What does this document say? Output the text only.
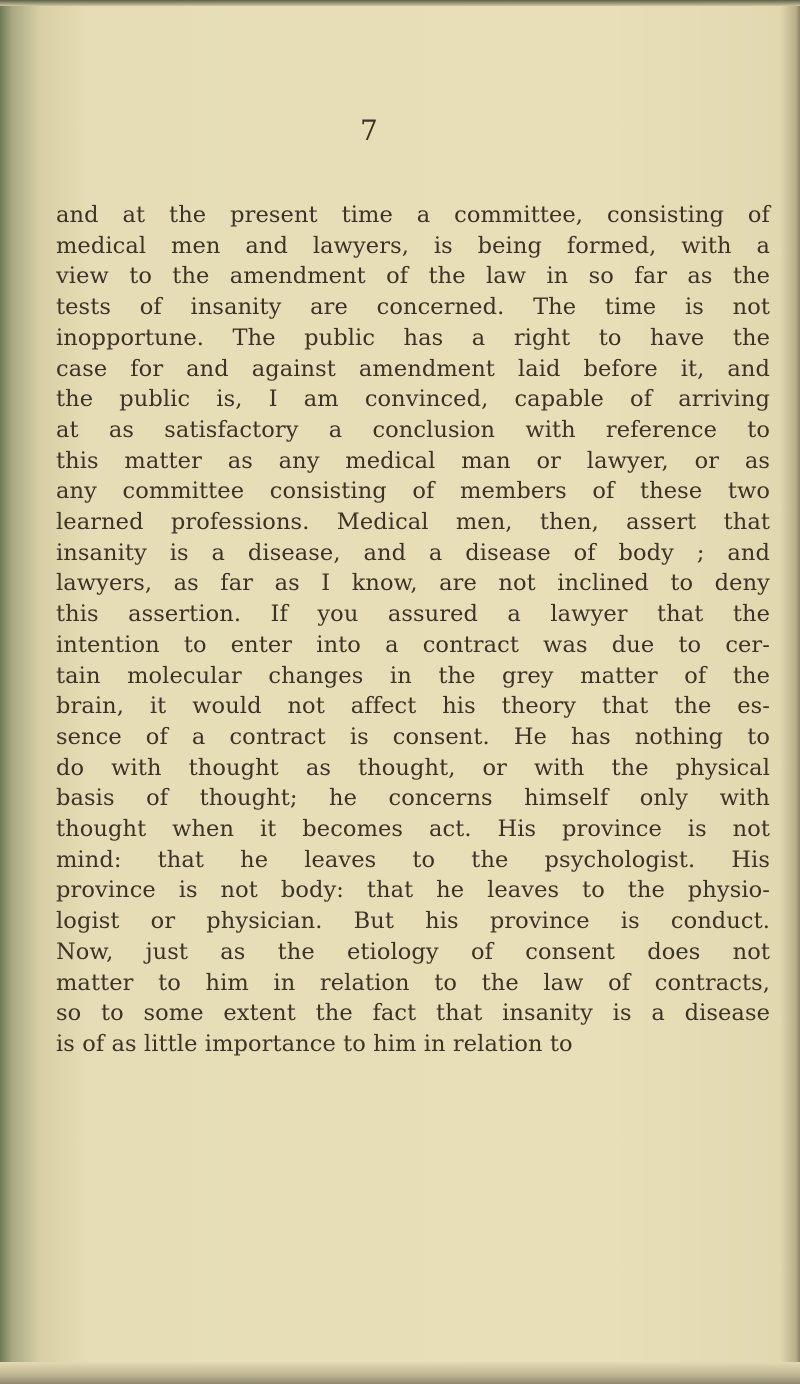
7
and at the present time a committee, consisting of
medical men and lawyers, is being formed, with a
view to the amendment of the law in so far as the
tests of insanity are concerned. The time is not
inopportune. The public has a right to have the
case for and against amendment laid before it, and
the public is, I am convinced, capable of arriving
at as satisfactory a conclusion with reference to
this matter as any medical man or lawyer, or as
any committee consisting of members of these two
learned professions. Medical men, then, assert that
insanity is a disease, and a disease of body ; and
lawyers, as far as I know, are not inclined to deny
this assertion. If you assured a lawyer that the
intention to enter into a contract was due to cer-
tain molecular changes in the grey matter of the
brain, it would not affect his theory that the es-
sence of a contract is consent. He has nothing to
do with thought as thought, or with the physical
basis of thought; he concerns himself only with
thought when it becomes act. His province is not
mind: that he leaves to the psychologist. His
province is not body: that he leaves to the physio-
logist or physician. But his province is conduct.
Now, just as the etiology of consent does not
matter to him in relation to the law of contracts,
so to some extent the fact that insanity is a disease
is of as little importance to him in relation to
